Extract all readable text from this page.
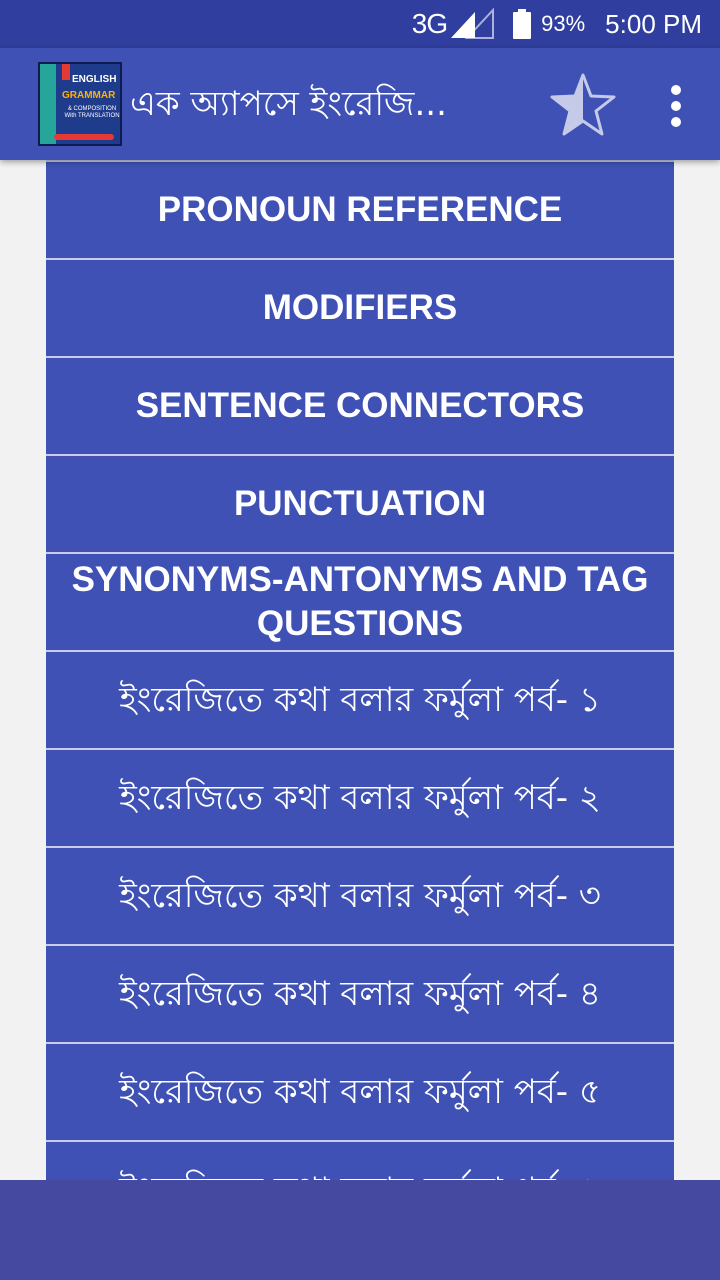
3G	93% 5:00 PM
ENGLISH
GRAMMAR
& COMPOSITION With TRANSLATION এক অ্যাপসে ইংরেজি...
PRONOUN REFERENCE
MODIFIERS
SENTENCE CONNECTORS
PUNCTUATION
SYNONYMS-ANTONYMS AND TAG QUESTIONS
ইংরেজিতে কথা বলার ফর্মুলা পর্ব- ১
ইংরেজিতে কথা বলার ফর্মুলা পর্ব- ২
ইংরেজিতে কথা বলার ফর্মুলা পর্ব- ৩
ইংরেজিতে কথা বলার ফর্মুলা পর্ব- ৪
ইংরেজিতে কথা বলার ফর্মুলা পর্ব- ৫
